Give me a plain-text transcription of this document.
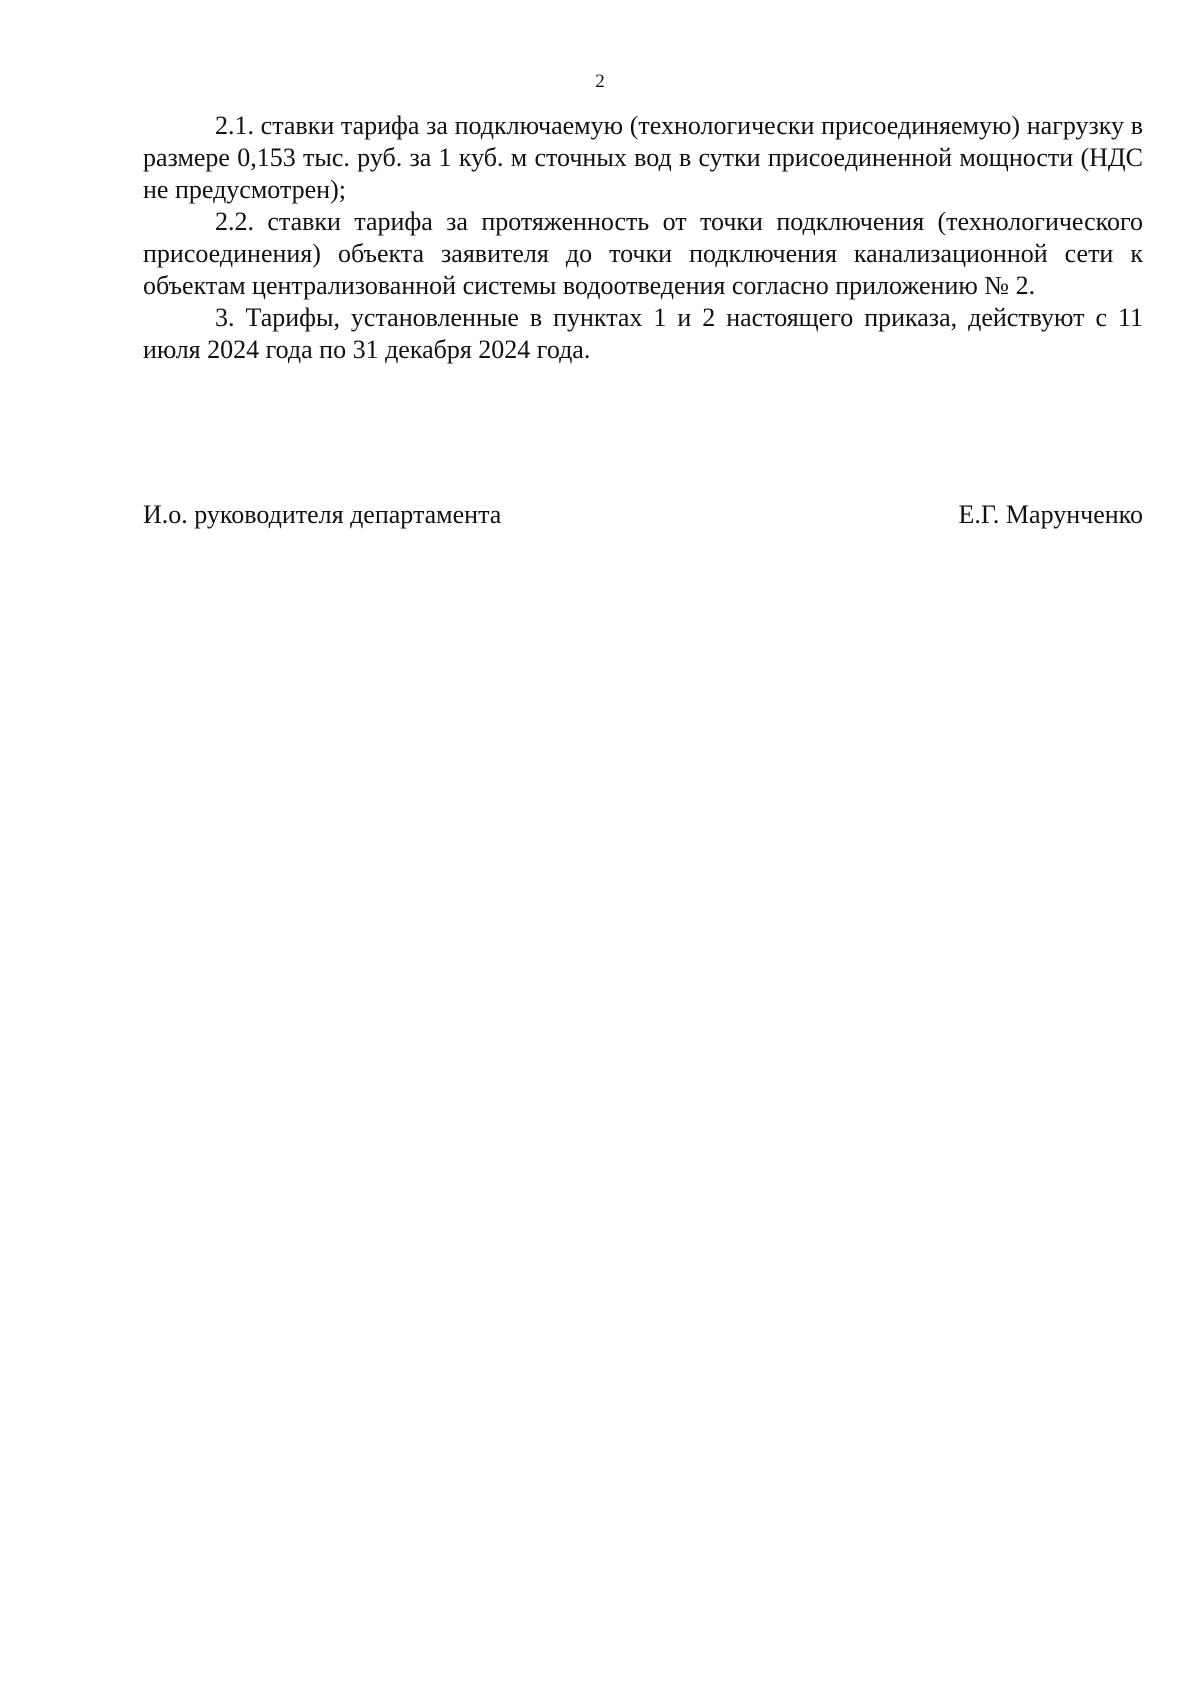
2

2.1. ставки тарифа за подключаемую (технологически присоединяемую) нагрузку в размере 0,153 тыс. руб. за 1 куб. м сточных вод в сутки присоединенной мощности (НДС не предусмотрен);

2.2. ставки тарифа за протяженность от точки подключения (технологического присоединения) объекта заявителя до точки подключения канализационной сети к объектам централизованной системы водоотведения согласно приложению № 2.

3. Тарифы, установленные в пунктах 1 и 2 настоящего приказа, действуют с 11 июля 2024 года по 31 декабря 2024 года.

И.о. руководителя департамента	Е.Г. Марунченко
